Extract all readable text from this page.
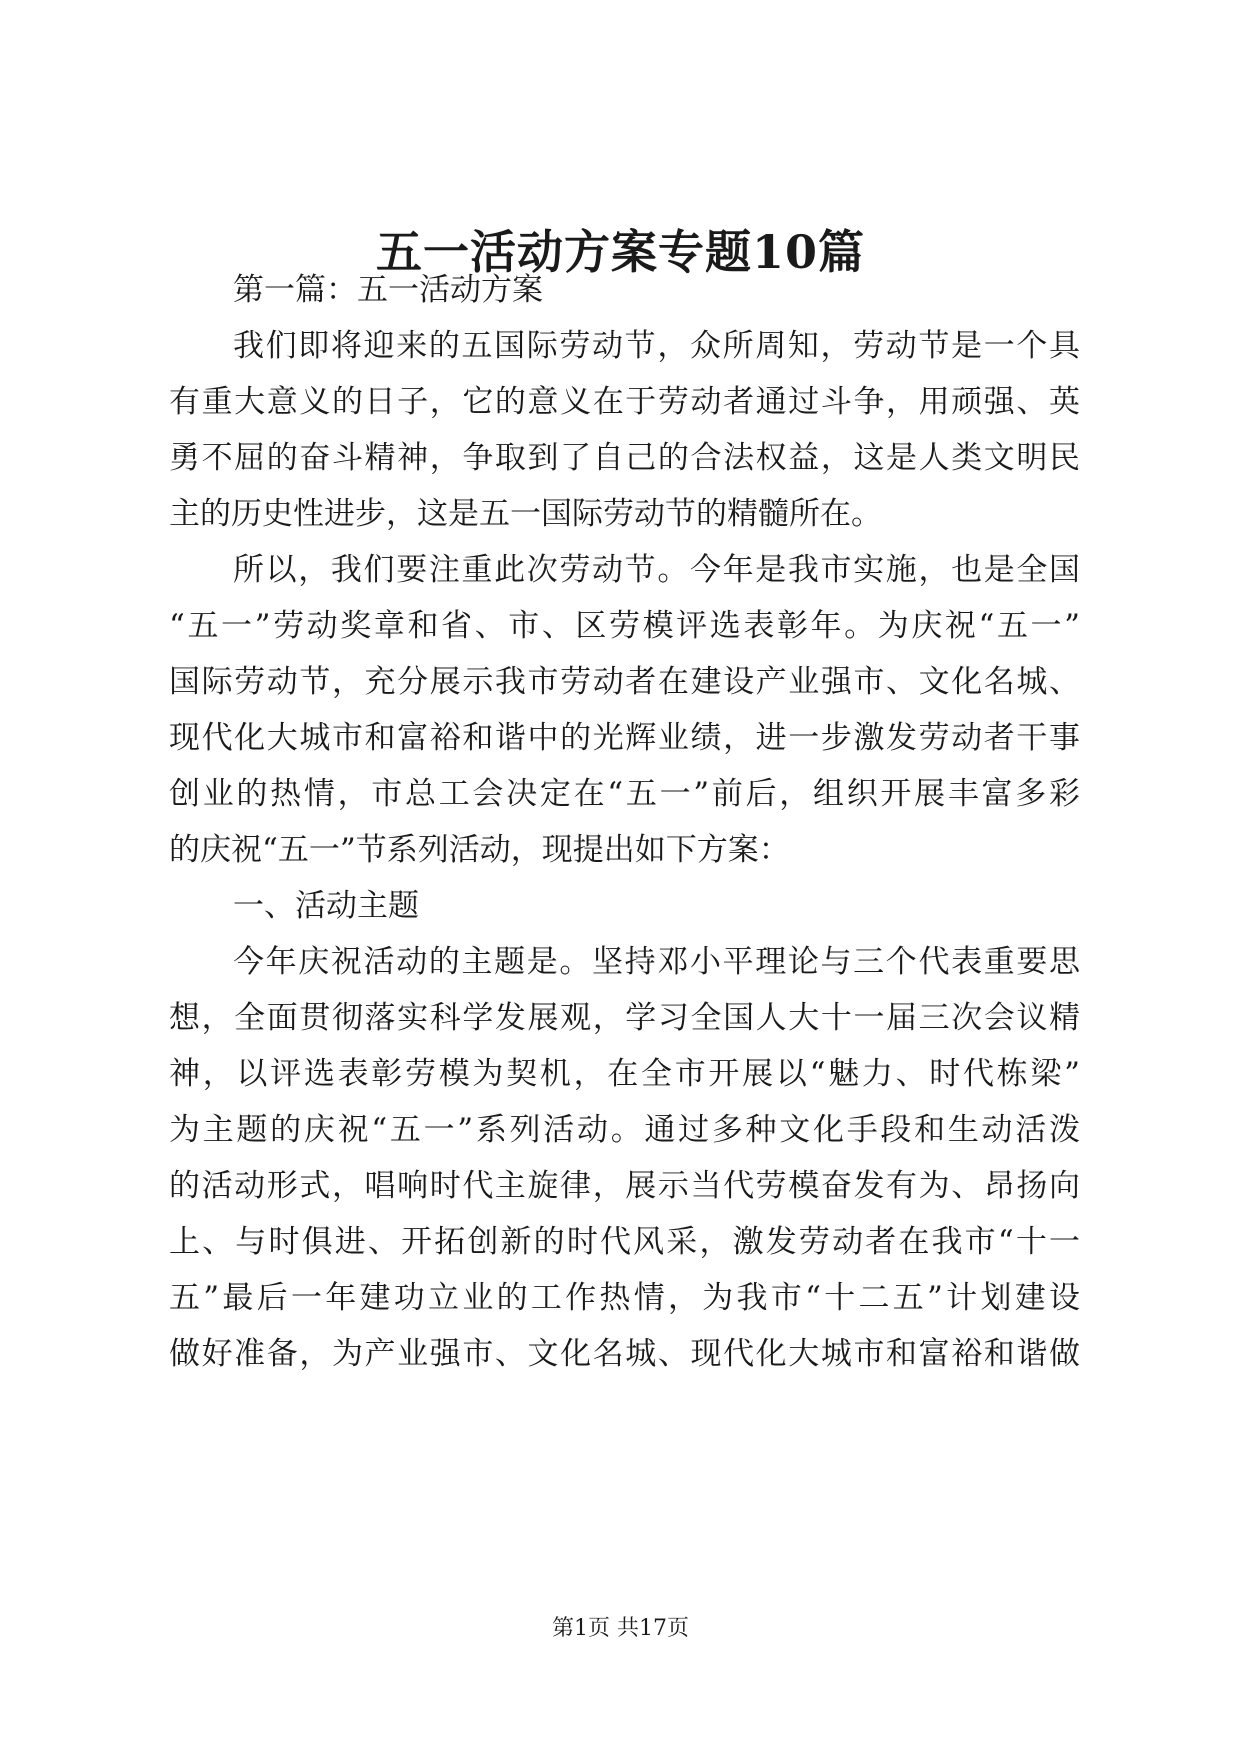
五一活动方案专题10篇
第一篇：五一活动方案
我们即将迎来的五国际劳动节，众所周知，劳动节是一个具
有重大意义的日子，它的意义在于劳动者通过斗争，用顽强、英
勇不屈的奋斗精神，争取到了自己的合法权益，这是人类文明民
主的历史性进步，这是五一国际劳动节的精髓所在。
所以，我们要注重此次劳动节。今年是我市实施，也是全国
“五一”劳动奖章和省、市、区劳模评选表彰年。为庆祝“五一”
国际劳动节，充分展示我市劳动者在建设产业强市、文化名城、
现代化大城市和富裕和谐中的光辉业绩，进一步激发劳动者干事
创业的热情，市总工会决定在“五一”前后，组织开展丰富多彩
的庆祝“五一”节系列活动，现提出如下方案：
一、活动主题
今年庆祝活动的主题是。坚持邓小平理论与三个代表重要思
想，全面贯彻落实科学发展观，学习全国人大十一届三次会议精
神，以评选表彰劳模为契机，在全市开展以“魅力、时代栋梁”
为主题的庆祝“五一”系列活动。通过多种文化手段和生动活泼
的活动形式，唱响时代主旋律，展示当代劳模奋发有为、昂扬向
上、与时俱进、开拓创新的时代风采，激发劳动者在我市“十一
五”最后一年建功立业的工作热情，为我市“十二五”计划建设
做好准备，为产业强市、文化名城、现代化大城市和富裕和谐做
第1页 共17页
